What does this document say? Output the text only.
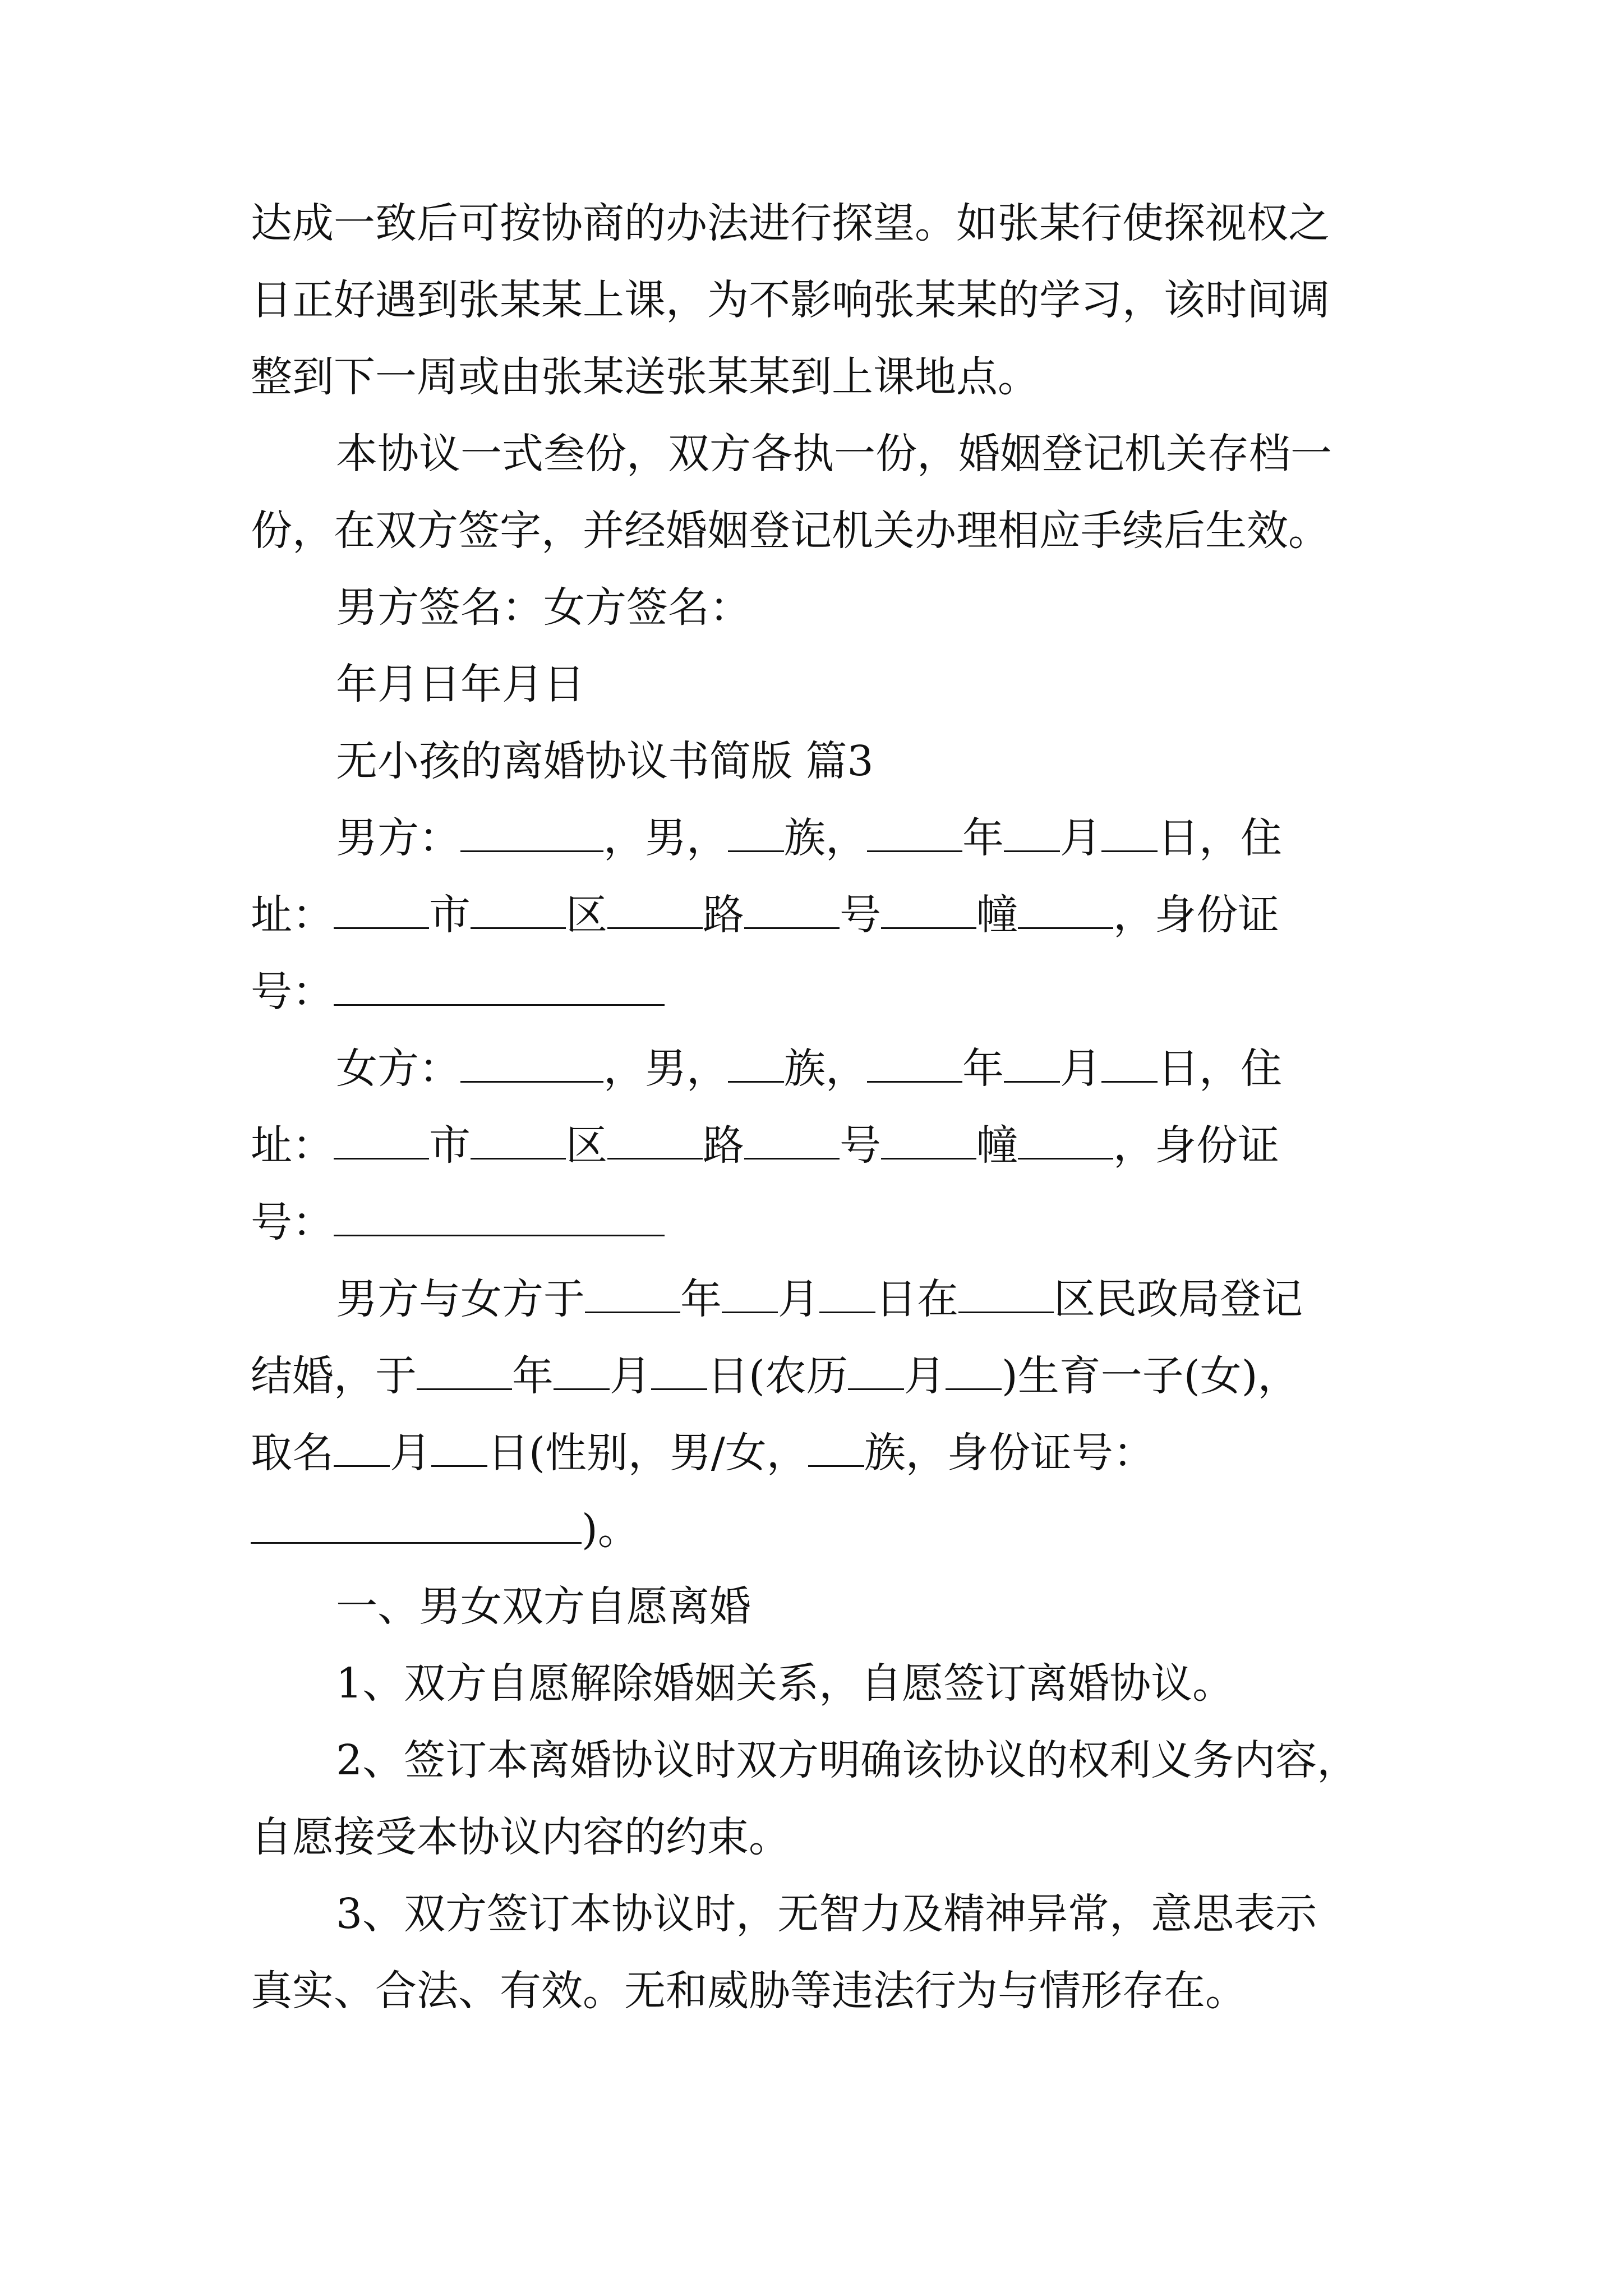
达成一致后可按协商的办法进行探望。如张某行使探视权之

日正好遇到张某某上课，为不影响张某某的学习，该时间调

整到下一周或由张某送张某某到上课地点。

本协议一式叁份，双方各执一份，婚姻登记机关存档一

份，在双方签字，并经婚姻登记机关办理相应手续后生效。

男方签名：女方签名：

年月日年月日

无小孩的离婚协议书简版 篇3

男方：	，男， 族， 年 月 日，住

址： 市 区 路 号 幢 ，身份证

号：

女方：	，男， 族， 年 月 日，住

址： 市 区 路 号 幢 ，身份证

号：

男方与女方于 年 月 日在 区民政局登记

结婚，于 年 月 日(农历 月 )生育一子(女)，

取名 月 日(性别，男/女， 族，身份证号：

)。

一、男女双方自愿离婚

1、双方自愿解除婚姻关系，自愿签订离婚协议。

2、签订本离婚协议时双方明确该协议的权利义务内容，

自愿接受本协议内容的约束。

3、双方签订本协议时，无智力及精神异常，意思表示

真实、合法、有效。无和威胁等违法行为与情形存在。
